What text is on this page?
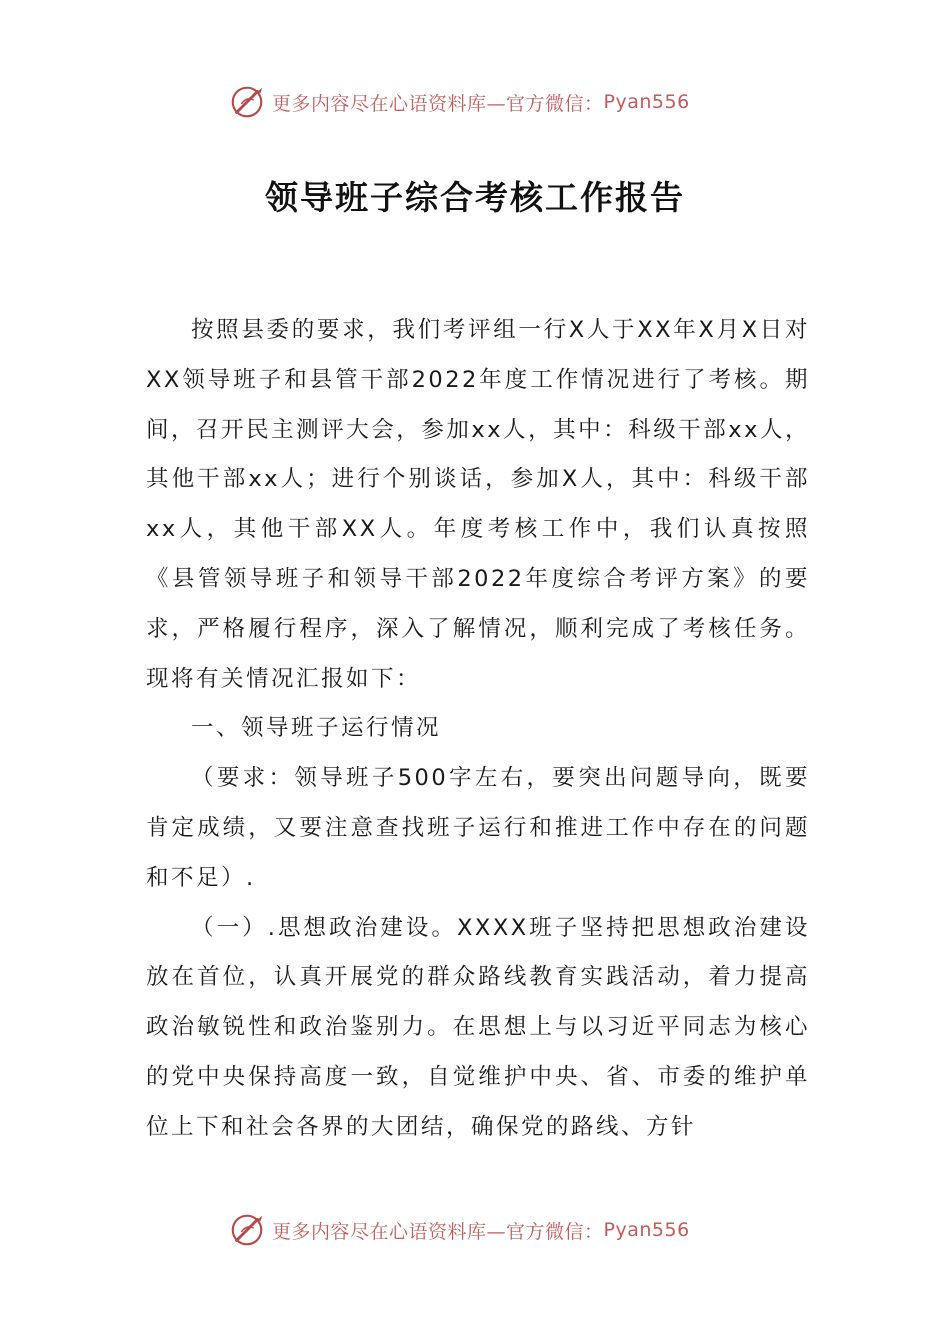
更多内容尽在心语资料库—官方微信： Pyan556
领导班子综合考核工作报告

按照县委的要求，我们考评组一行X人于XX年X月X日对XX领导班子和县管干部2022年度工作情况进行了考核。期间，召开民主测评大会，参加xx人，其中：科级干部xx人，其他干部xx人；进行个别谈话，参加X人，其中：科级干部xx人，其他干部XX人。年度考核工作中，我们认真按照《县管领导班子和领导干部2022年度综合考评方案》的要求，严格履行程序，深入了解情况，顺利完成了考核任务。现将有关情况汇报如下：

一、领导班子运行情况

（要求：领导班子500字左右，要突出问题导向，既要肯定成绩，又要注意查找班子运行和推进工作中存在的问题和不足）.

（一）.思想政治建设。XXXX班子坚持把思想政治建设放在首位，认真开展党的群众路线教育实践活动，着力提高政治敏锐性和政治鉴别力。在思想上与以习近平同志为核心的党中央保持高度一致，自觉维护中央、省、市委的维护单位上下和社会各界的大团结，确保党的路线、方针

更多内容尽在心语资料库—官方微信： Pyan556
